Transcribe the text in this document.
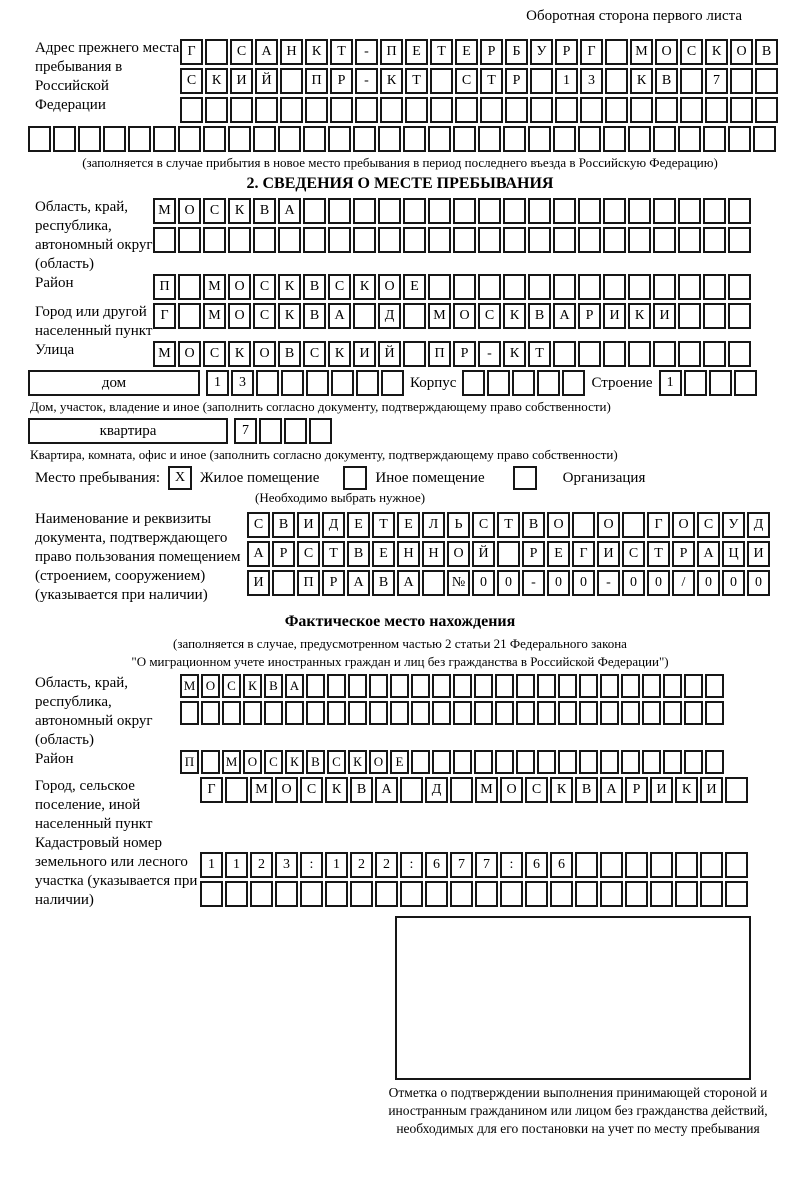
Оборотная сторона первого листа
Адрес прежнего места пребывания в Российской Федерации
Г	С	А	Н	К	Т	-	П	Е	Т	Е	Р	Б	У	Р	Г	М О	С	К	О	В
С	К	И	Й	П	Р	-	К	Т	С	Т	Р	1	3	К	В	7
(заполняется в случае прибытия в новое место пребывания в период последнего въезда в Российскую Федерацию)
2. СВЕДЕНИЯ О МЕСТЕ ПРЕБЫВАНИЯ
Область, край, республика, автономный округ (область)
М О	С	К	В	А
Район	П	М О	С	К	В	С	К	О	Е
Город или другой населенный пункт
Г	М О	С	К	В	А	Д	М О	С	К	В	А	Р	И	К	И
Улица	М О	С	К	О	В	С	К	И	Й	П	Р	-	К	Т
дом	1	3	Корпус	Строение	1
Дом, участок, владение и иное (заполнить согласно документу, подтверждающему право собственности)
квартира	7
Квартира, комната, офис и иное (заполнить согласно документу, подтверждающему право собственности)
Место пребывания:	X Жилое помещение	Иное помещение	Организация
(Необходимо выбрать нужное)
Наименование и реквизиты документа, подтверждающего право пользования помещением (строением, сооружением) (указывается при наличии)
С	В	И	Д	Е	Т	Е	Л	Ь	С	Т	В	О	О	Г	О	С	У	Д
А	Р	С	Т	В	Е	Н	Н	О	Й	Р	Е	Г	И	С	Т	Р	А	Ц	И
И	П	Р	А	В	А	№	0	0	-	0	0	-	0	0	/	0	0	0
Фактическое место нахождения
(заполняется в случае, предусмотренном частью 2 статьи 21 Федерального закона
"О миграционном учете иностранных граждан и лиц без гражданства в Российской Федерации")
Область, край, республика, автономный округ (область)
М О С К В А
Район	П	М О С К В С К О Е
Город, сельское поселение, иной населенный пункт
Г	М О	С	К	В	А	Д	М О	С	К	В	А	Р	И	К	И
Кадастровый номер земельного или лесного участка (указывается при наличии)
1	1	2	3	:	1	2	2	:	6	7	7	:	6	6
Отметка о подтверждении выполнения принимающей стороной и иностранным гражданином или лицом без гражданства действий, необходимых для его постановки на учет по месту пребывания
